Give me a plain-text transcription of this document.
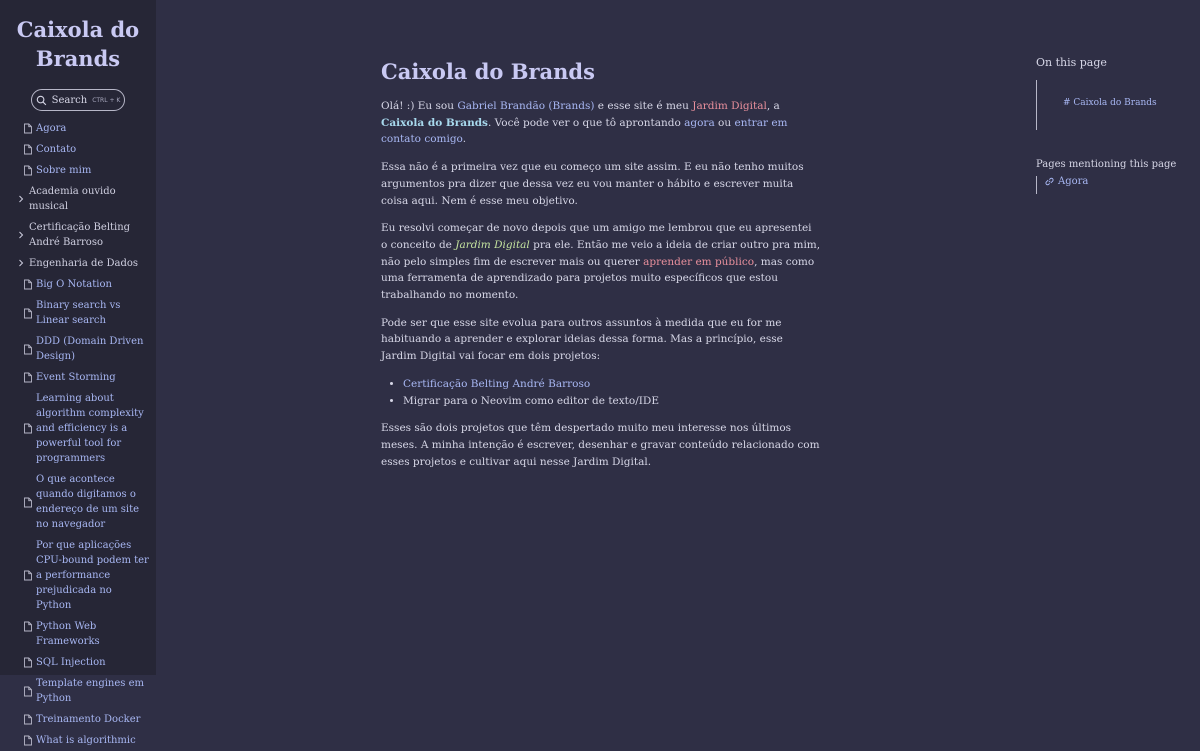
Caixola do
Brands
Search CTRL + K
Agora
Contato
Sobre mim
Academia ouvido musical
Certificação Belting André Barroso
Engenharia de Dados
Big O Notation
Binary search vs Linear search
DDD (Domain Driven Design)
Event Storming
Learning about algorithm complexity and efficiency is a powerful tool for programmers
O que acontece quando digitamos o endereço de um site no navegador
Por que aplicações CPU-bound podem ter a performance prejudicada no Python
Python Web Frameworks
SQL Injection
Template engines em Python
Treinamento Docker
What is algorithmic
Caixola do Brands

Olá! :) Eu sou Gabriel Brandão (Brands) e esse site é meu Jardim Digital, a Caixola do Brands. Você pode ver o que tô aprontando agora ou entrar em contato comigo.

Essa não é a primeira vez que eu começo um site assim. E eu não tenho muitos argumentos pra dizer que dessa vez eu vou manter o hábito e escrever muita coisa aqui. Nem é esse meu objetivo.

Eu resolvi começar de novo depois que um amigo me lembrou que eu apresentei o conceito de Jardim Digital pra ele. Então me veio a ideia de criar outro pra mim, não pelo simples fim de escrever mais ou querer aprender em público, mas como uma ferramenta de aprendizado para projetos muito específicos que estou trabalhando no momento.

Pode ser que esse site evolua para outros assuntos à medida que eu for me habituando a aprender e explorar ideias dessa forma. Mas a princípio, esse Jardim Digital vai focar em dois projetos:

• Certificação Belting André Barroso
• Migrar para o Neovim como editor de texto/IDE

Esses são dois projetos que têm despertado muito meu interesse nos últimos meses. A minha intenção é escrever, desenhar e gravar conteúdo relacionado com esses projetos e cultivar aqui nesse Jardim Digital.

On this page
# Caixola do Brands
Pages mentioning this page
Agora
